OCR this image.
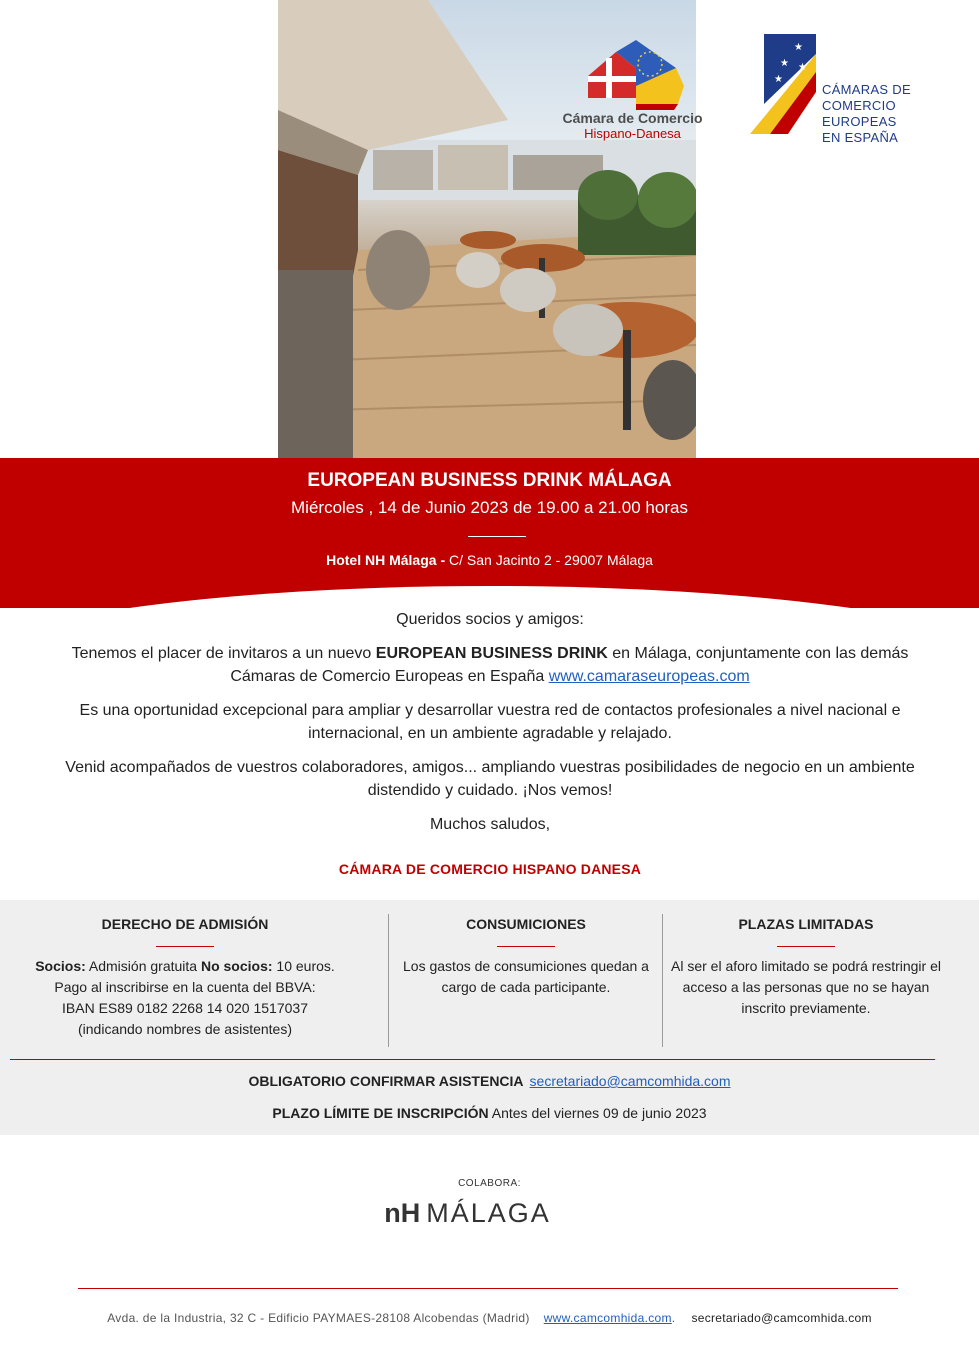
Cámara de Comercio
Hispano-Danesa
★
★ ★
★
CÁMARAS DE
COMERCIO EUROPEAS
EN ESPAÑA
EUROPEAN BUSINESS DRINK MÁLAGA
Miércoles , 14 de Junio 2023 de 19.00 a 21.00 horas
Hotel NH Málaga - C/ San Jacinto 2 - 29007 Málaga

Queridos socios y amigos:

Tenemos el placer de invitaros a un nuevo EUROPEAN BUSINESS DRINK en Málaga, conjuntamente con las demás Cámaras de Comercio Europeas en España www.camaraseuropeas.com

Es una oportunidad excepcional para ampliar y desarrollar vuestra red de contactos profesionales a nivel nacional e internacional, en un ambiente agradable y relajado.

Venid acompañados de vuestros colaboradores, amigos... ampliando vuestras posibilidades de negocio en un ambiente distendido y cuidado. ¡Nos vemos!

Muchos saludos,

CÁMARA DE COMERCIO HISPANO DANESA

DERECHO DE ADMISIÓN
Socios: Admisión gratuita No socios: 10 euros.
Pago al inscribirse en la cuenta del BBVA:
IBAN ES89 0182 2268 14 020 1517037
(indicando nombres de asistentes)
CONSUMICIONES
Los gastos de consumiciones quedan a cargo de cada participante.
PLAZAS LIMITADAS
Al ser el aforo limitado se podrá restringir el acceso a las personas que no se hayan inscrito previamente.
OBLIGATORIO CONFIRMAR ASISTENCIA secretariado@camcomhida.com
PLAZO LÍMITE DE INSCRIPCIÓN Antes del viernes 09 de junio 2023
COLABORA:
nH MÁLAGA
Avda. de la Industria, 32 C - Edificio PAYMAES-28108 Alcobendas (Madrid) www.camcomhida.com. secretariado@camcomhida.com
